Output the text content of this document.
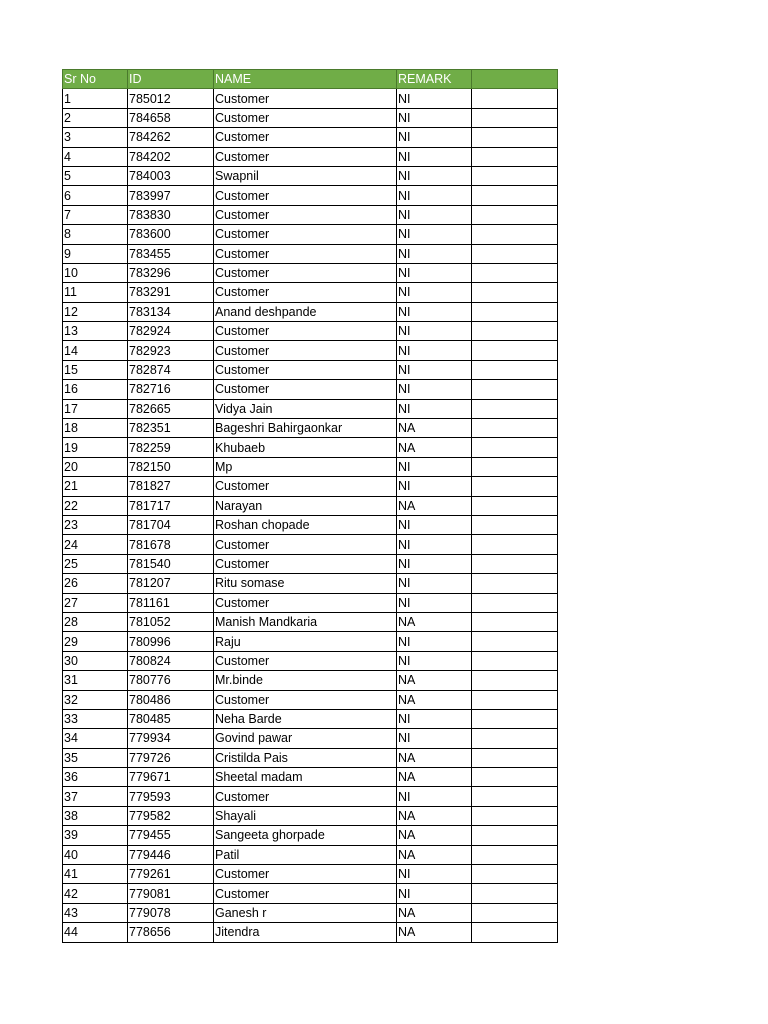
Sr No	ID	NAME	REMARK	
1	785012	Customer	NI	
2	784658	Customer	NI	
3	784262	Customer	NI	
4	784202	Customer	NI	
5	784003	Swapnil	NI	
6	783997	Customer	NI	
7	783830	Customer	NI	
8	783600	Customer	NI	
9	783455	Customer	NI	
10	783296	Customer	NI	
11	783291	Customer	NI	
12	783134	Anand deshpande	NI	
13	782924	Customer	NI	
14	782923	Customer	NI	
15	782874	Customer	NI	
16	782716	Customer	NI	
17	782665	Vidya Jain	NI	
18	782351	Bageshri Bahirgaonkar	NA	
19	782259	Khubaeb	NA	
20	782150	Mp	NI	
21	781827	Customer	NI	
22	781717	Narayan	NA	
23	781704	Roshan chopade	NI	
24	781678	Customer	NI	
25	781540	Customer	NI	
26	781207	Ritu somase	NI	
27	781161	Customer	NI	
28	781052	Manish Mandkaria	NA	
29	780996	Raju	NI	
30	780824	Customer	NI	
31	780776	Mr.binde	NA	
32	780486	Customer	NA	
33	780485	Neha Barde	NI	
34	779934	Govind pawar	NI	
35	779726	Cristilda Pais	NA	
36	779671	Sheetal madam	NA	
37	779593	Customer	NI	
38	779582	Shayali	NA	
39	779455	Sangeeta ghorpade	NA	
40	779446	Patil	NA	
41	779261	Customer	NI	
42	779081	Customer	NI	
43	779078	Ganesh r	NA	
44	778656	Jitendra	NA	
